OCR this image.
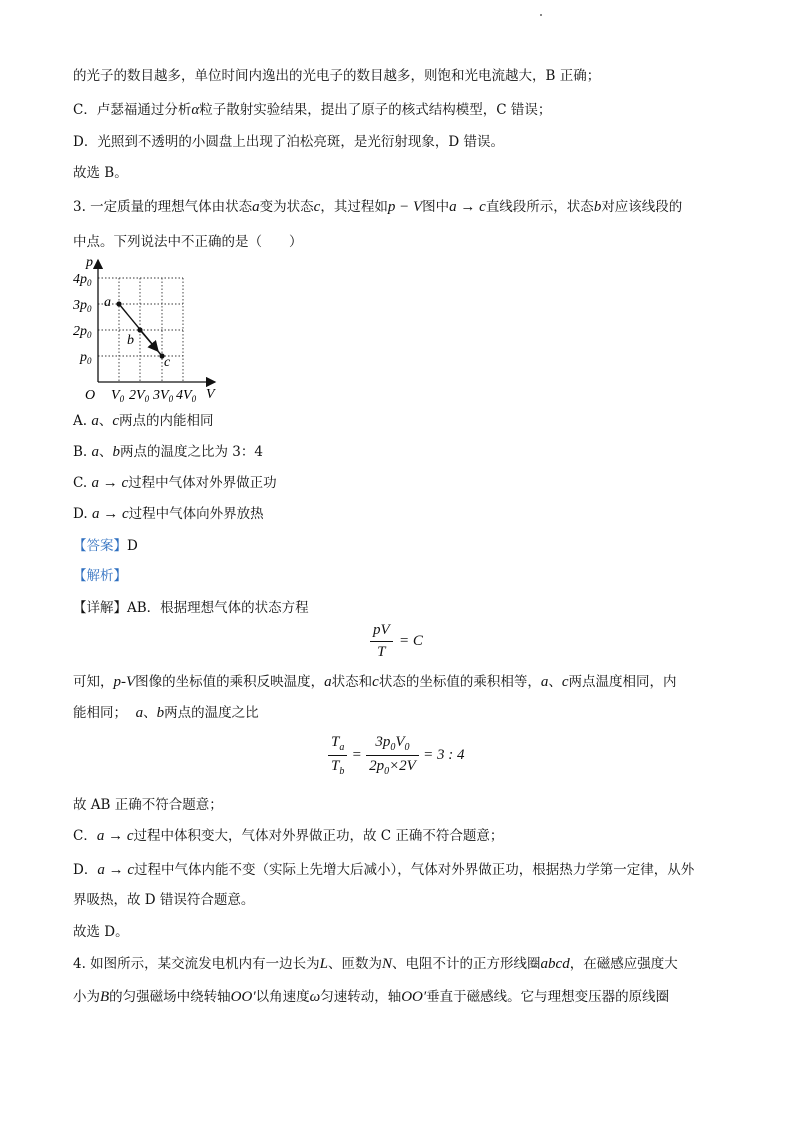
的光子的数目越多，单位时间内逸出的光电子的数目越多，则饱和光电流越大，B 正确；
C．卢瑟福通过分析α粒子散射实验结果，提出了原子的核式结构模型，C 错误；
D．光照到不透明的小圆盘上出现了泊松亮斑，是光衍射现象，D 错误。
故选 B。
3. 一定质量的理想气体由状态a变为状态c，其过程如p − V图中a → c直线段所示，状态b对应该线段的
中点。下列说法中不正确的是（　　）
p
V
O
a
b
c
$4p_0$
$3p_0$
$2p_0$
$p_0$
$V_0$ $2V_0$ $3V_0$ $4V_0$
A. a、c两点的内能相同
B. a、b两点的温度之比为 3：4
C. a → c过程中气体对外界做正功
D. a → c过程中气体向外界放热
【答案】D
【解析】
【详解】AB．根据理想气体的状态方程
$\frac{pV}{T} = C$
可知，p-V图像的坐标值的乘积反映温度，a状态和c状态的坐标值的乘积相等，a、c两点温度相同，内
能相同； a、b两点的温度之比
$\frac{T_a}{T_b} = \frac{3p_0V_0}{2p_0\times 2V} = 3$ : 4
故 AB 正确不符合题意；
C．a → c过程中体积变大，气体对外界做正功，故 C 正确不符合题意；
D．a → c过程中气体内能不变（实际上先增大后减小），气体对外界做正功，根据热力学第一定律，从外
界吸热，故 D 错误符合题意。
故选 D。
4. 如图所示，某交流发电机内有一边长为L、匝数为N、电阻不计的正方形线圈abcd，在磁感应强度大
小为B的匀强磁场中绕转轴OO′以角速度ω匀速转动，轴OO′垂直于磁感线。它与理想变压器的原线圈
